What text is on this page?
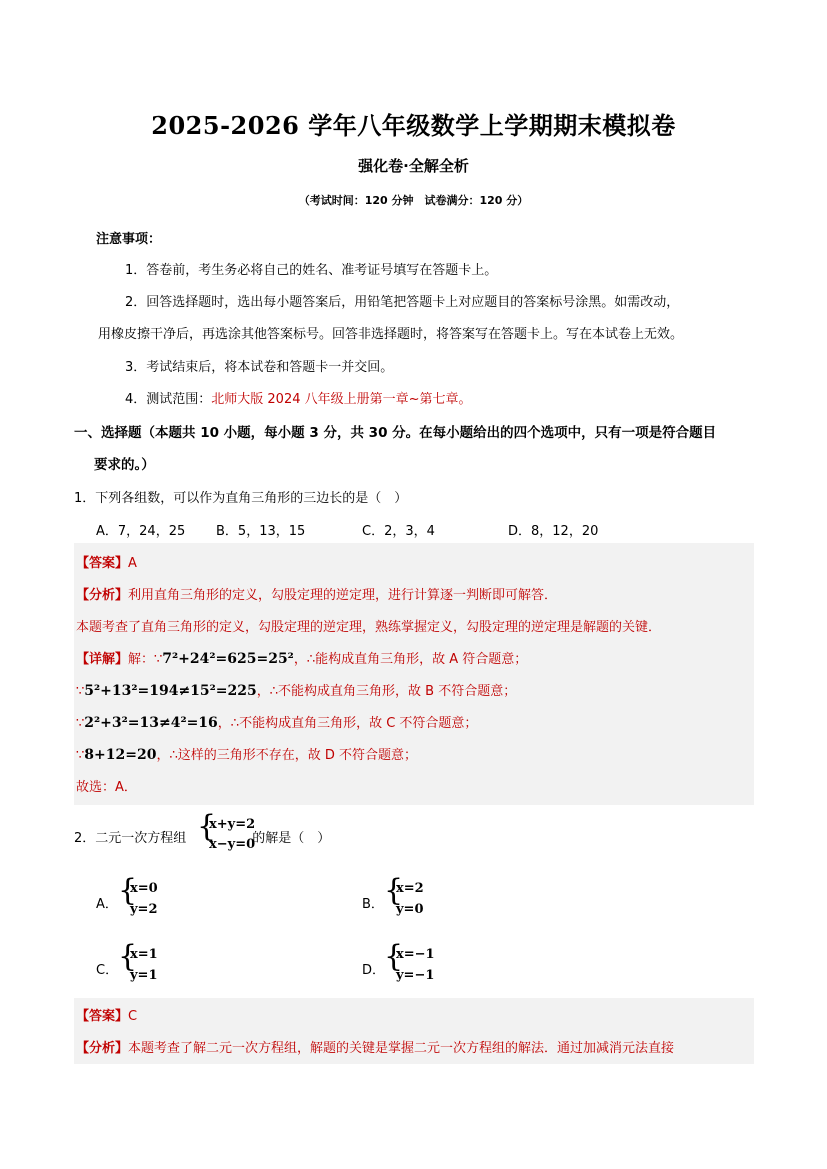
2025-2026 学年八年级数学上学期期末模拟卷
强化卷·全解全析
（考试时间：120 分钟　试卷满分：120 分）
注意事项：
1．答卷前，考生务必将自己的姓名、准考证号填写在答题卡上。
2．回答选择题时，选出每小题答案后，用铅笔把答题卡上对应题目的答案标号涂黑。如需改动，
用橡皮擦干净后，再选涂其他答案标号。回答非选择题时，将答案写在答题卡上。写在本试卷上无效。
3．考试结束后，将本试卷和答题卡一并交回。
4．测试范围：北师大版 2024 八年级上册第一章~第七章。
一、选择题（本题共 10 小题，每小题 3 分，共 30 分。在每小题给出的四个选项中，只有一项是符合题目
要求的。）
1．下列各组数，可以作为直角三角形的三边长的是（　）
A．7，24，25 B．5，13，15	C．2，3，4	D．8，12，20
【答案】A
【分析】利用直角三角形的定义，勾股定理的逆定理，进行计算逐一判断即可解答．
本题考查了直角三角形的定义，勾股定理的逆定理，熟练掌握定义，勾股定理的逆定理是解题的关键．
【详解】解：∵7²+24²=625=25²，∴能构成直角三角形，故 A 符合题意；
∵5²+13²=194≠15²=225，∴不能构成直角三角形，故 B 不符合题意；
∵2²+3²=13≠4²=16，∴不能构成直角三角形，故 C 不符合题意；
∵8+12=20，∴这样的三角形不存在，故 D 不符合题意；
故选：A．
2．二元一次方程组	的解是（　）
{
x+y=2
x−y=0
A． {
x=0
y=2	B． {
x=2
y=0
C． {
x=1
y=1	D．
{
x=−1
y=−1
【答案】C
【分析】本题考查了解二元一次方程组，解题的关键是掌握二元一次方程组的解法．通过加减消元法直接
